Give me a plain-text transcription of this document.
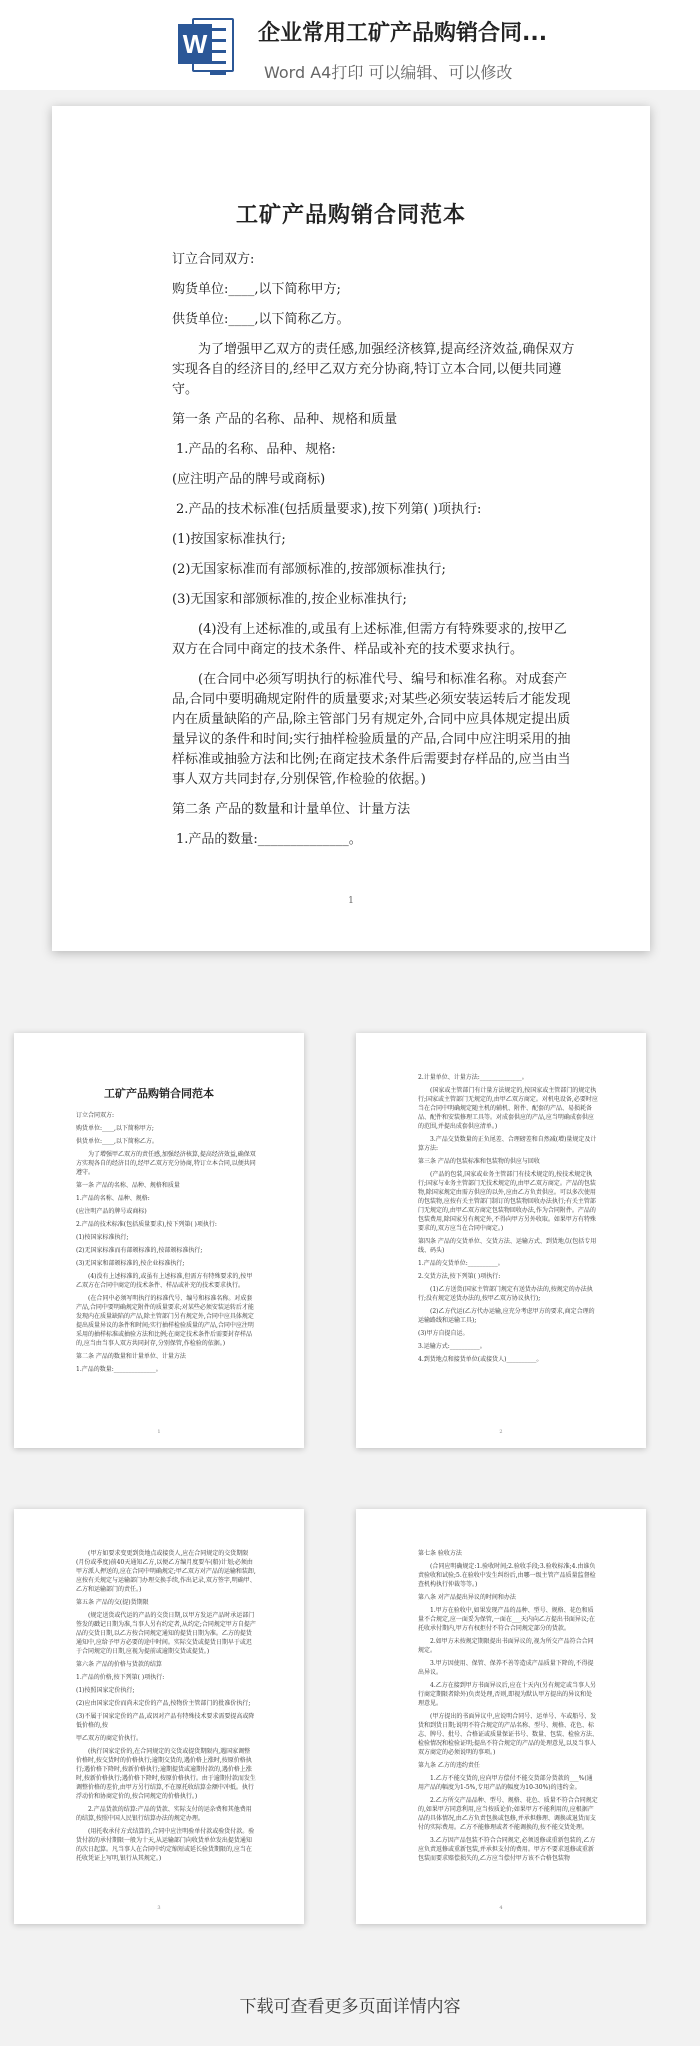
W 企业常用工矿产品购销合同...
Word A4打印 可以编辑、可以修改
工矿产品购销合同范本

订立合同双方:

购货单位:____,以下简称甲方;

供货单位:____,以下简称乙方。

为了增强甲乙双方的责任感,加强经济核算,提高经济效益,确保双方实现各自的经济目的,经甲乙双方充分协商,特订立本合同,以便共同遵守。

第一条 产品的名称、品种、规格和质量

1.产品的名称、品种、规格:

(应注明产品的牌号或商标)

2.产品的技术标准(包括质量要求),按下列第( )项执行:

(1)按国家标准执行;

(2)无国家标准而有部颁标准的,按部颁标准执行;

(3)无国家和部颁标准的,按企业标准执行;

(4)没有上述标准的,或虽有上述标准,但需方有特殊要求的,按甲乙双方在合同中商定的技术条件、样品或补充的技术要求执行。

(在合同中必须写明执行的标准代号、编号和标准名称。对成套产品,合同中要明确规定附件的质量要求;对某些必须安装运转后才能发现内在质量缺陷的产品,除主管部门另有规定外,合同中应具体规定提出质量异议的条件和时间;实行抽样检验质量的产品,合同中应注明采用的抽样标准或抽验方法和比例;在商定技术条件后需要封存样品的,应当由当事人双方共同封存,分别保管,作检验的依据。)

第二条 产品的数量和计量单位、计量方法

1.产品的数量:______________。

1
工矿产品购销合同范本

订立合同双方:

购货单位:____,以下简称甲方;

供货单位:____,以下简称乙方。

为了增强甲乙双方的责任感,加强经济核算,提高经济效益,确保双方实现各自的经济目的,经甲乙双方充分协商,特订立本合同,以便共同遵守。

第一条 产品的名称、品种、规格和质量

1.产品的名称、品种、规格:

(应注明产品的牌号或商标)

2.产品的技术标准(包括质量要求),按下列第( )项执行:

(1)按国家标准执行;

(2)无国家标准而有部颁标准的,按部颁标准执行;

(3)无国家和部颁标准的,按企业标准执行;

(4)没有上述标准的,或虽有上述标准,但需方有特殊要求的,按甲乙双方在合同中商定的技术条件、样品或补充的技术要求执行。

(在合同中必须写明执行的标准代号、编号和标准名称。对成套产品,合同中要明确规定附件的质量要求;对某些必须安装运转后才能发现内在质量缺陷的产品,除主管部门另有规定外,合同中应具体规定提出质量异议的条件和时间;实行抽样检验质量的产品,合同中应注明采用的抽样标准或抽验方法和比例;在商定技术条件后需要封存样品的,应当由当事人双方共同封存,分别保管,作检验的依据。)

第二条 产品的数量和计量单位、计量方法

1.产品的数量:______________。

1

2.计量单位、计量方法:______________。

(国家或主管部门有计量方法规定的,按国家或主管部门的规定执行;国家或主管部门无规定的,由甲乙双方商定。对机电设备,必要时应当在合同中明确规定随主机的辅机、附件、配套的产品、易损耗备品、配件和安装修理工具等。对成套供应的产品,应当明确成套供应的范围,并提出成套供应清单。)

3.产品交货数量的正负尾差、合理磅差和自然减(增)量规定及计算方法:

第三条 产品的包装标准和包装物的供应与回收

(产品的包装,国家或业务主管部门有技术规定的,按技术规定执行;国家与业务主管部门无技术规定的,由甲乙双方商定。产品的包装物,除国家规定由需方供应的以外,应由乙方负责供应。可以多次使用的包装物,应按有关主管部门制订的包装物回收办法执行;有关主管部门无规定的,由甲乙双方商定包装物回收办法,作为合同附件。产品的包装费用,除国家另有规定外,不得向甲方另外收取。如果甲方有特殊要求的,双方应当在合同中商定。)

第四条 产品的交货单位、交货方法、运输方式、到货地点(包括专用线、码头)

1.产品的交货单位:__________。

2.交货方法,按下列第( )项执行:

(1)乙方送货(国家主管部门规定有送货办法的,按规定的办法执行;没有规定送货办法的,按甲乙双方协议执行);

(2)乙方代运(乙方代办运输,应充分考虑甲方的要求,商定合理的运输路线和运输工具);

(3)甲方自提自运。

3.运输方式:__________。

4.到货地点和接货单位(或接货人)__________。

2

(甲方如要求变更到货地点或接货人,应在合同规定的交货期限(月份或季度)前40天通知乙方,以便乙方编月度要车(船)计划;必须由甲方派人押送的,应在合同中明确规定;甲乙双方对产品的运输和装卸,应按有关规定与运输部门办理交换手续,作出记录,双方签字,明确甲、乙方和运输部门的责任。)

第五条 产品的交(提)货期限

(规定送货或代运的产品的交货日期,以甲方发运产品时承运部门签发的戳记日期为准,当事人另有约定者,从约定;合同规定甲方自提产品的交货日期,以乙方按合同规定通知的提货日期为准。乙方的提货通知中,应给予甲方必要的途中时间。实际交货或提货日期早于或迟于合同规定的日期,应视为提前或逾期交货或提货。)

第六条 产品的价格与货款的结算

1.产品的价格,按下列第( )项执行:

(1)按照国家定价执行;

(2)应由国家定价而尚未定价的产品,按物价主管部门的批准价执行;

(3)不属于国家定价的产品,或因对产品有特殊技术要求需要提高或降低价格的,按

甲乙双方的商定价执行。

(执行国家定价的,在合同规定的交货或提货期限内,遇国家调整价格时,按交货时的价格执行;逾期交货的,遇价格上涨时,按原价格执行;遇价格下降时,按新价格执行;逾期提货或逾期付款的,遇价格上涨时,按新价格执行;遇价格下降时,按原价格执行。由于逾期付款而发生调整价格的差价,由甲方另行结算,不在原托收结算金额中冲抵。执行浮动价和协商定价的,按合同规定的价格执行。)

2.产品货款的结算:产品的货款、实际支付的运杂费和其他费用的结算,按照中国人民银行结算办法的规定办理。

(用托收承付方式结算的,合同中应注明验单付款或验货付款。验货付款的承付期限一般为十天,从运输部门向收货单位发出提货通知的次日起算。凡当事人在合同中约定缩短或延长验货期限的,应当在托收凭证上写明,银行从其规定。)

3

第七条 验收方法

(合同应明确规定:1.验收时间;2.验收手段;3.验收标准;4.由谁负责验收和试验;5.在验收中发生纠纷后,由哪一级主管产品质量监督检查机构执行仲裁等等。)

第八条 对产品提出异议的时间和办法

1.甲方在验收中,如果发现产品的品种、型号、规格、花色和质量不合规定,应一面妥为保管,一面在___天内向乙方提出书面异议;在托收承付期内,甲方有权拒付不符合合同规定部分的货款。

2.如甲方未按规定期限提出书面异议的,视为所交产品符合合同规定。

3.甲方因使用、保管、保养不善等造成产品质量下降的,不得提出异议。

4.乙方在接到甲方书面异议后,应在十天内(另有规定或当事人另行商定期限者除外)负责处理,否则,即视为默认甲方提出的异议和处理意见。

(甲方提出的书面异议中,应说明合同号、运单号、车或船号、发货和到货日期;说明不符合规定的产品名称、型号、规格、花色、标志、牌号、批号、合格证或质量保证书号、数量、包装、检验方法、检验情况和检验证明;提出不符合规定的产品的处理意见,以及当事人双方商定的必须说明的事项。)

第九条 乙方的违约责任

1.乙方不能交货的,应向甲方偿付不能交货部分货款的___%(通用产品的幅度为1-5%,专用产品的幅度为10-30%)的违约金。

2.乙方所交产品品种、型号、规格、花色、质量不符合合同规定的,如果甲方同意利用,应当按质论价;如果甲方不能利用的,应根据产品的具体情况,由乙方负责包换或包修,并承担修理、调换或退货而支付的实际费用。乙方不能修理或者不能调换的,按不能交货处理。

3.乙方因产品包装不符合合同规定,必须返修或重新包装的,乙方应负责返修或重新包装,并承担支付的费用。甲方不要求返修或重新包装而要求赔偿损失的,乙方应当偿付甲方该不合格包装物

4
下载可查看更多页面详情内容
